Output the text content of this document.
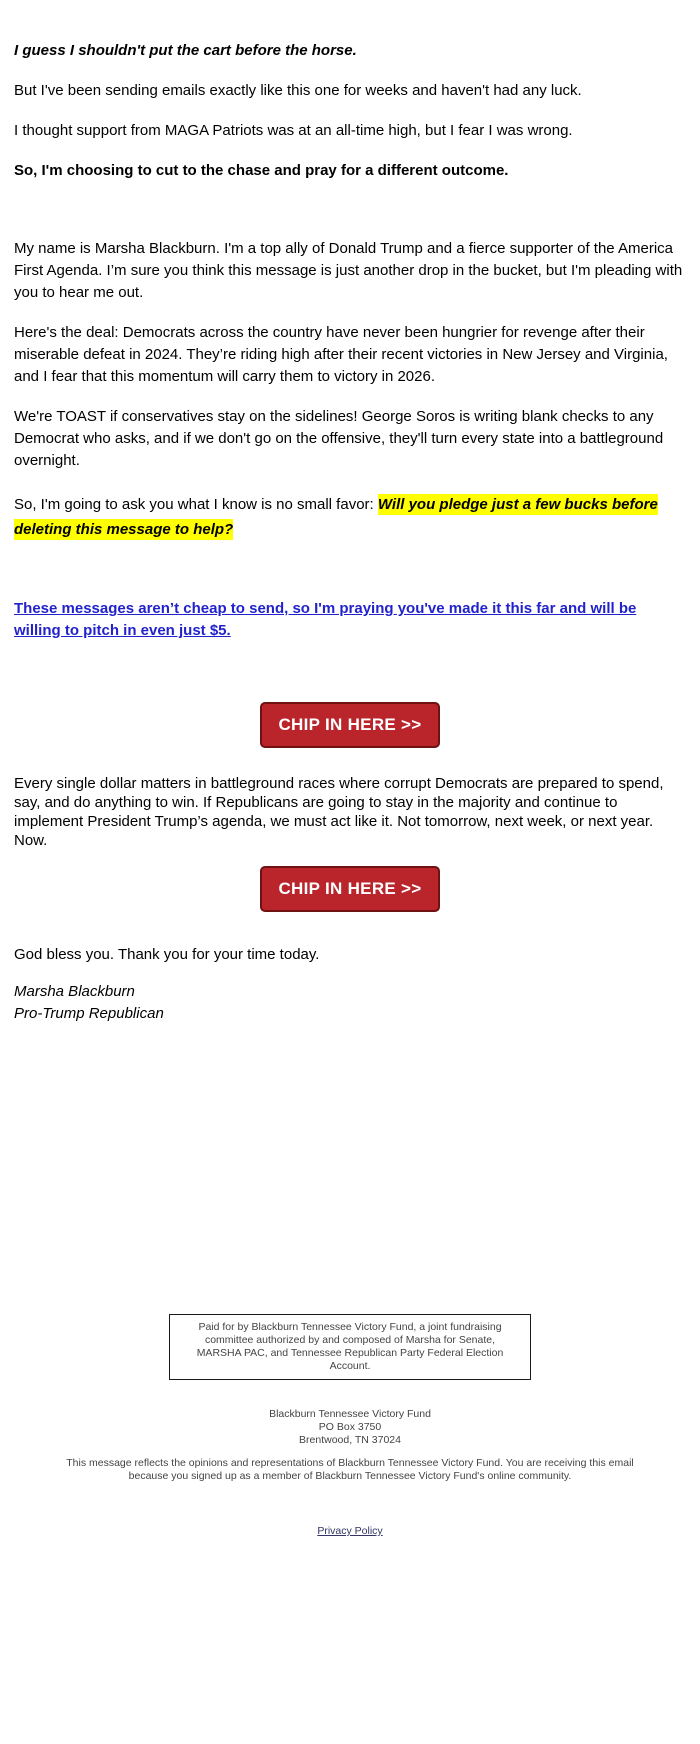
I guess I shouldn't put the cart before the horse.

But I've been sending emails exactly like this one for weeks and haven't had any luck.

I thought support from MAGA Patriots was at an all-time high, but I fear I was wrong.

So, I'm choosing to cut to the chase and pray for a different outcome.

My name is Marsha Blackburn. I'm a top ally of Donald Trump and a fierce supporter of the America First Agenda. I’m sure you think this message is just another drop in the bucket, but I'm pleading with you to hear me out.

Here's the deal: Democrats across the country have never been hungrier for revenge after their miserable defeat in 2024. They’re riding high after their recent victories in New Jersey and Virginia, and I fear that this momentum will carry them to victory in 2026.

We're TOAST if conservatives stay on the sidelines! George Soros is writing blank checks to any Democrat who asks, and if we don't go on the offensive, they'll turn every state into a battleground overnight.

So, I'm going to ask you what I know is no small favor: Will you pledge just a few bucks before deleting this message to help?

These messages aren’t cheap to send, so I'm praying you've made it this far and will be willing to pitch in even just $5.

CHIP IN HERE >>

Every single dollar matters in battleground races where corrupt Democrats are prepared to spend, say, and do anything to win. If Republicans are going to stay in the majority and continue to implement President Trump’s agenda, we must act like it. Not tomorrow, next week, or next year. Now.

CHIP IN HERE >>

God bless you. Thank you for your time today.

Marsha Blackburn
Pro-Trump Republican
Paid for by Blackburn Tennessee Victory Fund, a joint fundraising committee authorized by and composed of Marsha for Senate, MARSHA PAC, and Tennessee Republican Party Federal Election Account.
Blackburn Tennessee Victory Fund
PO Box 3750
Brentwood, TN 37024
This message reflects the opinions and representations of Blackburn Tennessee Victory Fund. You are receiving this email because you signed up as a member of Blackburn Tennessee Victory Fund's online community.
Privacy Policy
